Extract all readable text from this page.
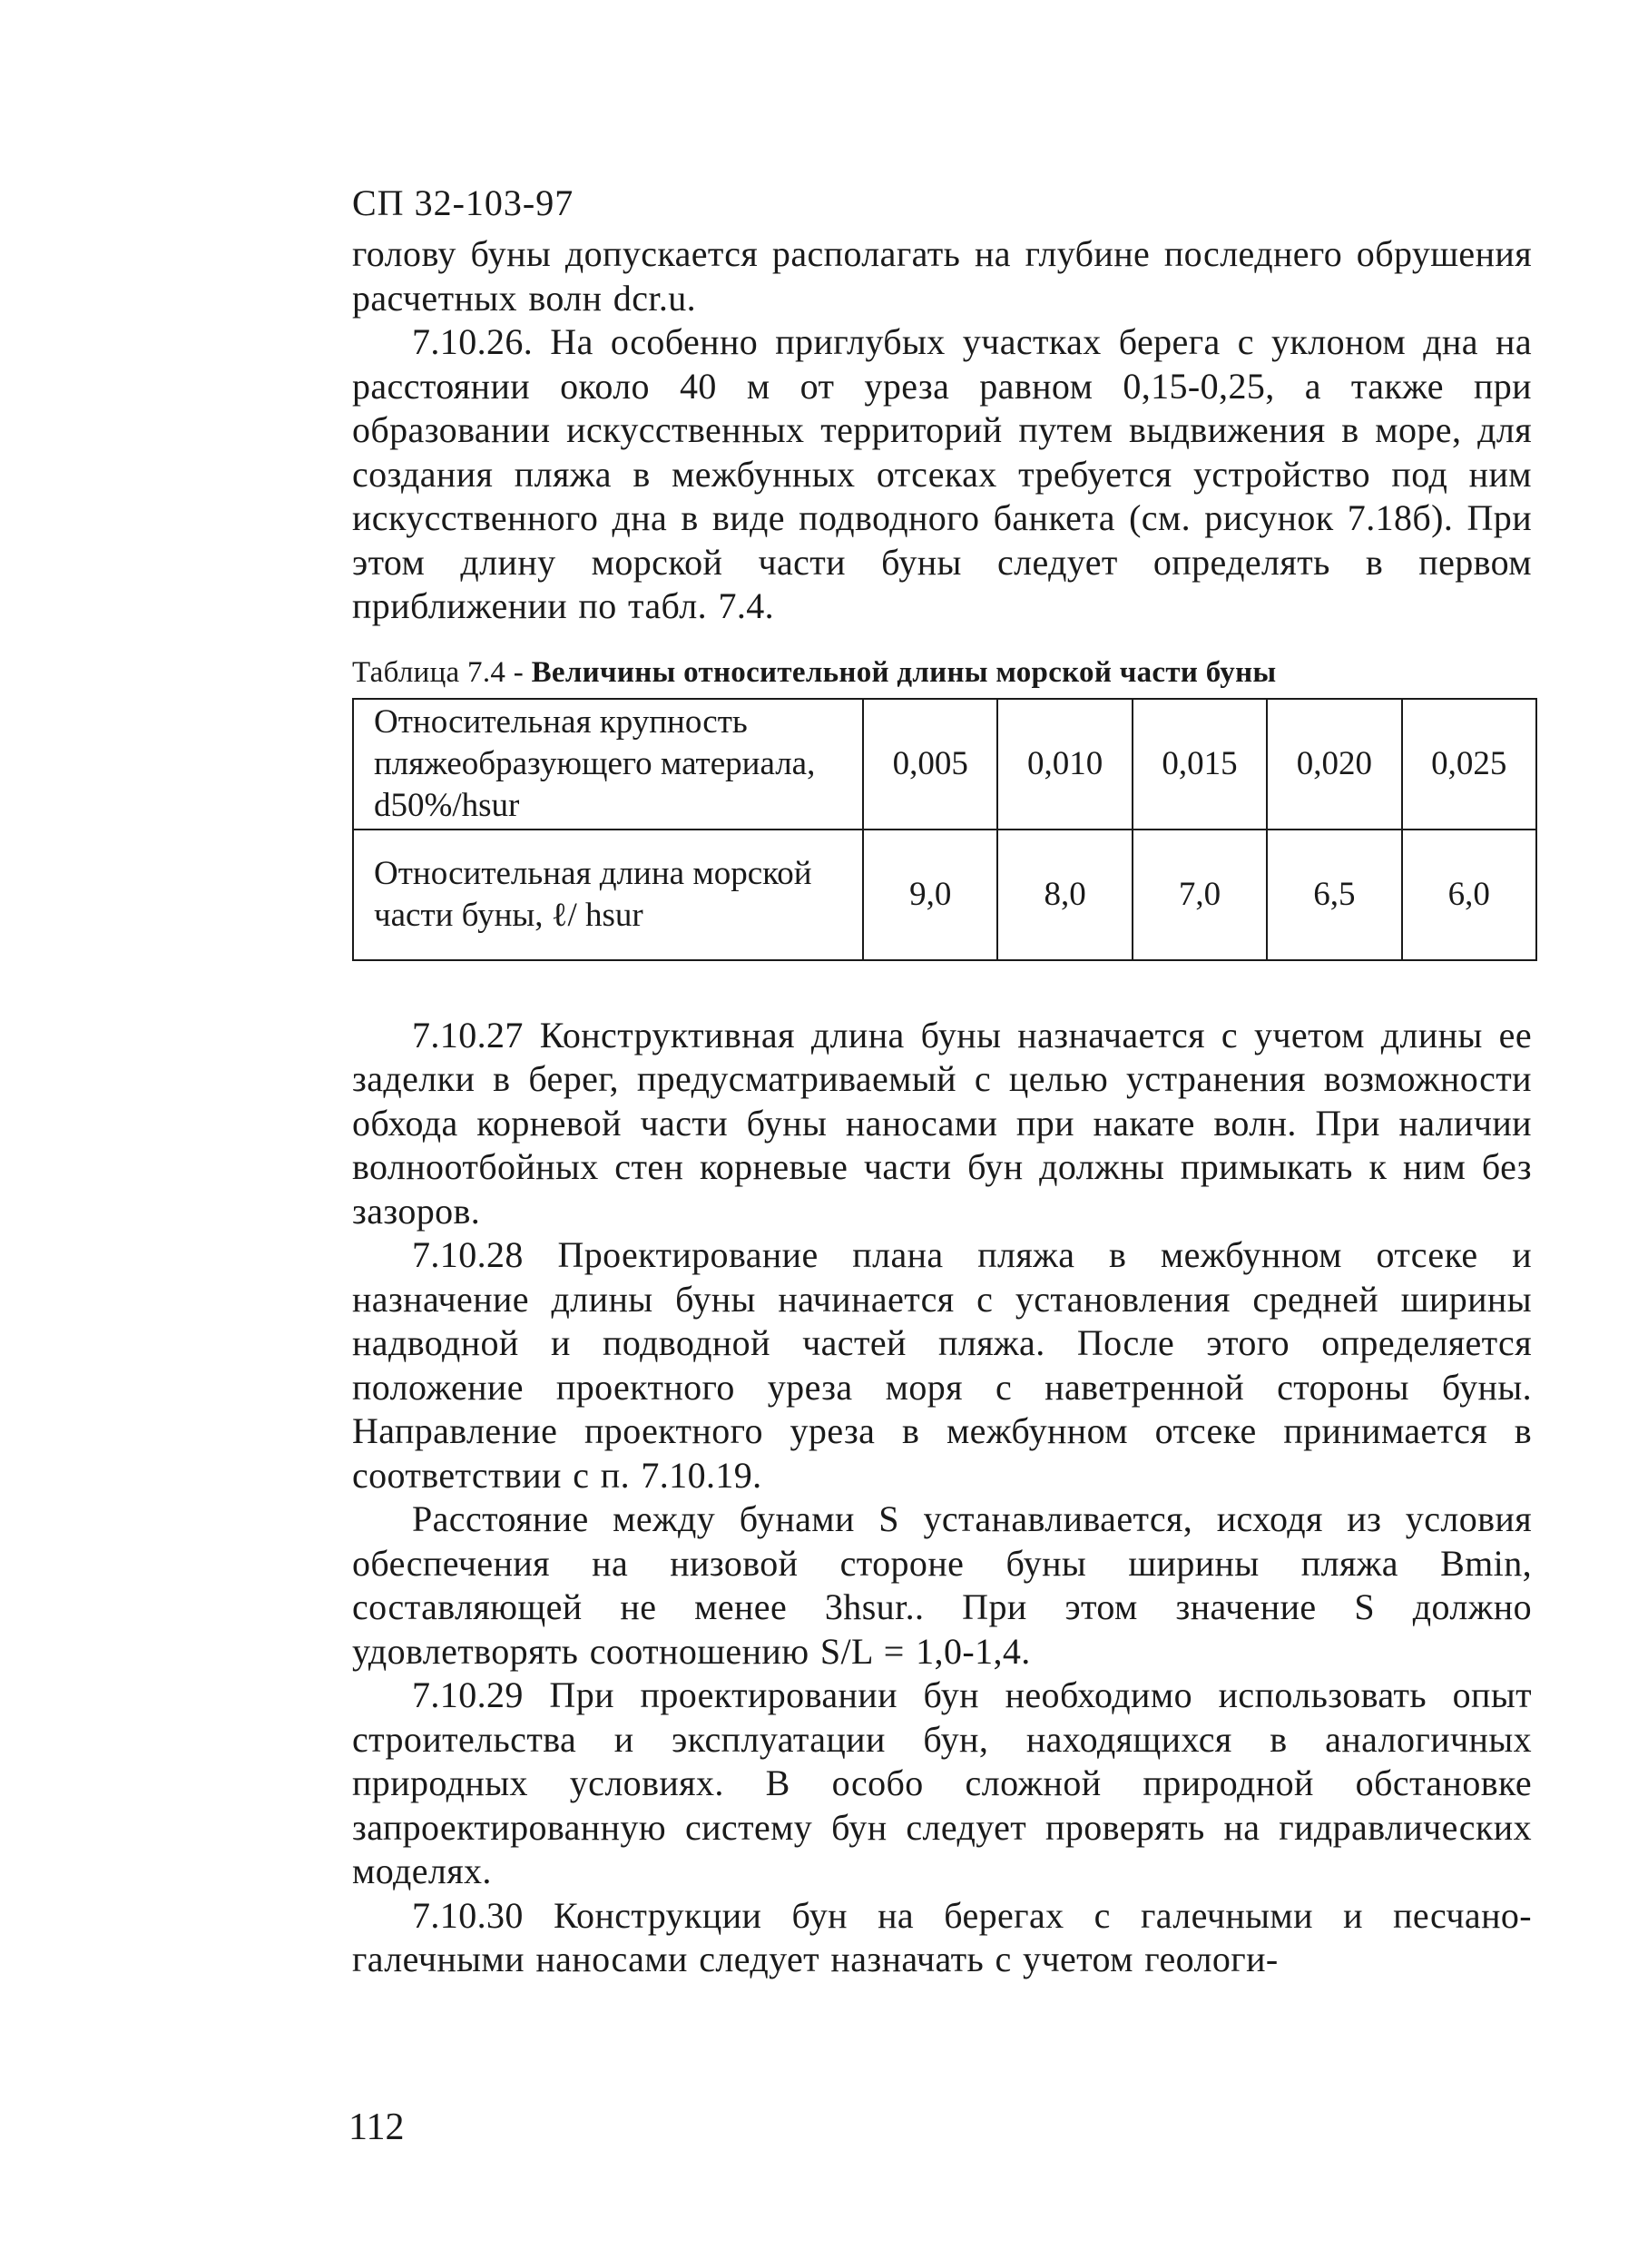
СП 32-103-97

голову буны допускается располагать на глубине последнего обрушения расчетных волн dcr.u.

7.10.26. На особенно приглубых участках берега с уклоном дна на расстоянии около 40 м от уреза равном 0,15-0,25, а также при образовании искусственных территорий путем выдвижения в море, для создания пляжа в межбунных отсеках требуется устройство под ним искусственного дна в виде подводного банкета (см. рисунок 7.18б). При этом длину морской части буны следует определять в первом приближении по табл. 7.4.

Таблица 7.4 - Величины относительной длины морской части буны
Относительная крупность пляжеобразующего материала, d50%/hsur	0,005	0,010	0,015	0,020	0,025
Относительная длина морской части буны, ℓ/ hsur	9,0	8,0	7,0	6,5	6,0

7.10.27 Конструктивная длина буны назначается с учетом длины ее заделки в берег, предусматриваемый с целью устранения возможности обхода корневой части буны наносами при накате волн. При наличии волноотбойных стен корневые части бун должны примыкать к ним без зазоров.

7.10.28 Проектирование плана пляжа в межбунном отсеке и назначение длины буны начинается с установления средней ширины надводной и подводной частей пляжа. После этого определяется положение проектного уреза моря с наветренной стороны буны. Направление проектного уреза в межбунном отсеке принимается в соответствии с п. 7.10.19.

Расстояние между бунами S устанавливается, исходя из условия обеспечения на низовой стороне буны ширины пляжа Bmin, составляющей не менее 3hsur.. При этом значение S должно удовлетворять соотношению S/L = 1,0-1,4.

7.10.29 При проектировании бун необходимо использовать опыт строительства и эксплуатации бун, находящихся в аналогичных природных условиях. В особо сложной природной обстановке запроектированную систему бун следует проверять на гидравлических моделях.

7.10.30 Конструкции бун на берегах с галечными и песчано-галечными наносами следует назначать с учетом геологи-

112
